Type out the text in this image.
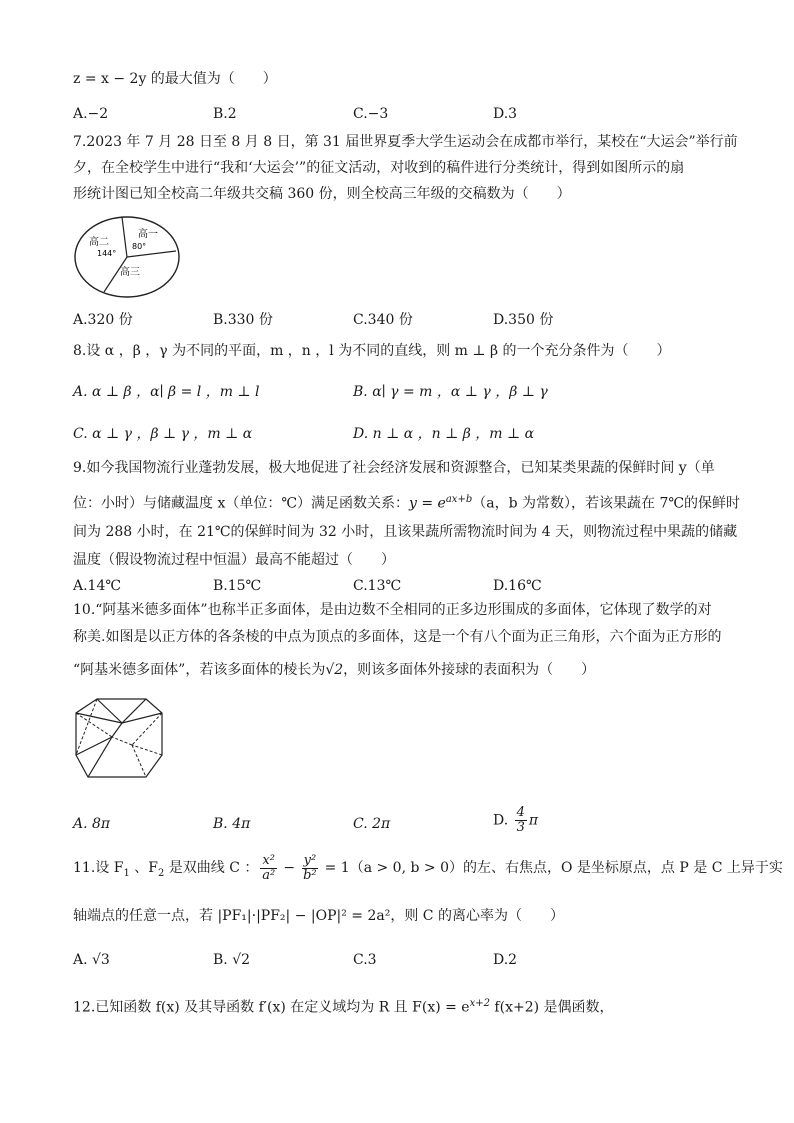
z = x − 2y 的最大值为（　　）
A.−2	B.2	C.−3	D.3
7.2023 年 7 月 28 日至 8 月 8 日，第 31 届世界夏季大学生运动会在成都市举行，某校在“大运会”举行前
夕，在全校学生中进行“我和‘大运会’”的征文活动，对收到的稿件进行分类统计，得到如图所示的扇
形统计图已知全校高二年级共交稿 360 份，则全校高三年级的交稿数为（　　）
高二
144°
高一
80°
高三
A.320 份	B.330 份	C.340 份	D.350 份
8.设 α ，β ，γ 为不同的平面，m ，n ，l 为不同的直线，则 m ⊥ β 的一个充分条件为（　　）
A. α ⊥ β ，α∣ β = l ，m ⊥ l	B. α∣ γ = m ，α ⊥ γ ，β ⊥ γ
C. α ⊥ γ ，β ⊥ γ ，m ⊥ α	D. n ⊥ α ，n ⊥ β ，m ⊥ α
9.如今我国物流行业蓬勃发展，极大地促进了社会经济发展和资源整合，已知某类果蔬的保鲜时间 y（单
位：小时）与储藏温度 x（单位：℃）满足函数关系：$y = e^{ax+b}(a$，b 为常数），若该果蔬在 7℃的保鲜时
间为 288 小时，在 21℃的保鲜时间为 32 小时，且该果蔬所需物流时间为 4 天，则物流过程中果蔬的储藏
温度（假设物流过程中恒温）最高不能超过（　　）
A.14℃	B.15℃	C.13℃	D.16℃
10.“阿基米德多面体”也称半正多面体，是由边数不全相同的正多边形围成的多面体，它体现了数学的对
称美.如图是以正方体的各条棱的中点为顶点的多面体，这是一个有八个面为正三角形，六个面为正方形的
“阿基米德多面体”，若该多面体的棱长为√2，则该多面体外接球的表面积为（　　）
A. 8π	B. 4π	C. 2π	D. $\frac{4}{3}$ π
11.设 $F_1$ 、$F_2$ 是双曲线 C ： $\frac{\text{x²}}{\text{a²}} - \frac{\text{y²}}{\text{b²}} = 1(a > 0$, b > 0）的左、右焦点，O 是坐标原点，点 P 是 C 上异于实
轴端点的任意一点，若 |PF₁|·|PF₂| − |OP|² = 2a²，则 C 的离心率为（　　）
A. √3	B. √2	C.3	D.2
12.已知函数 f(x) 及其导函数 f′(x) 在定义域均为 R 且 $F(x) = e^{x+2}$ f(x+2) 是偶函数，
